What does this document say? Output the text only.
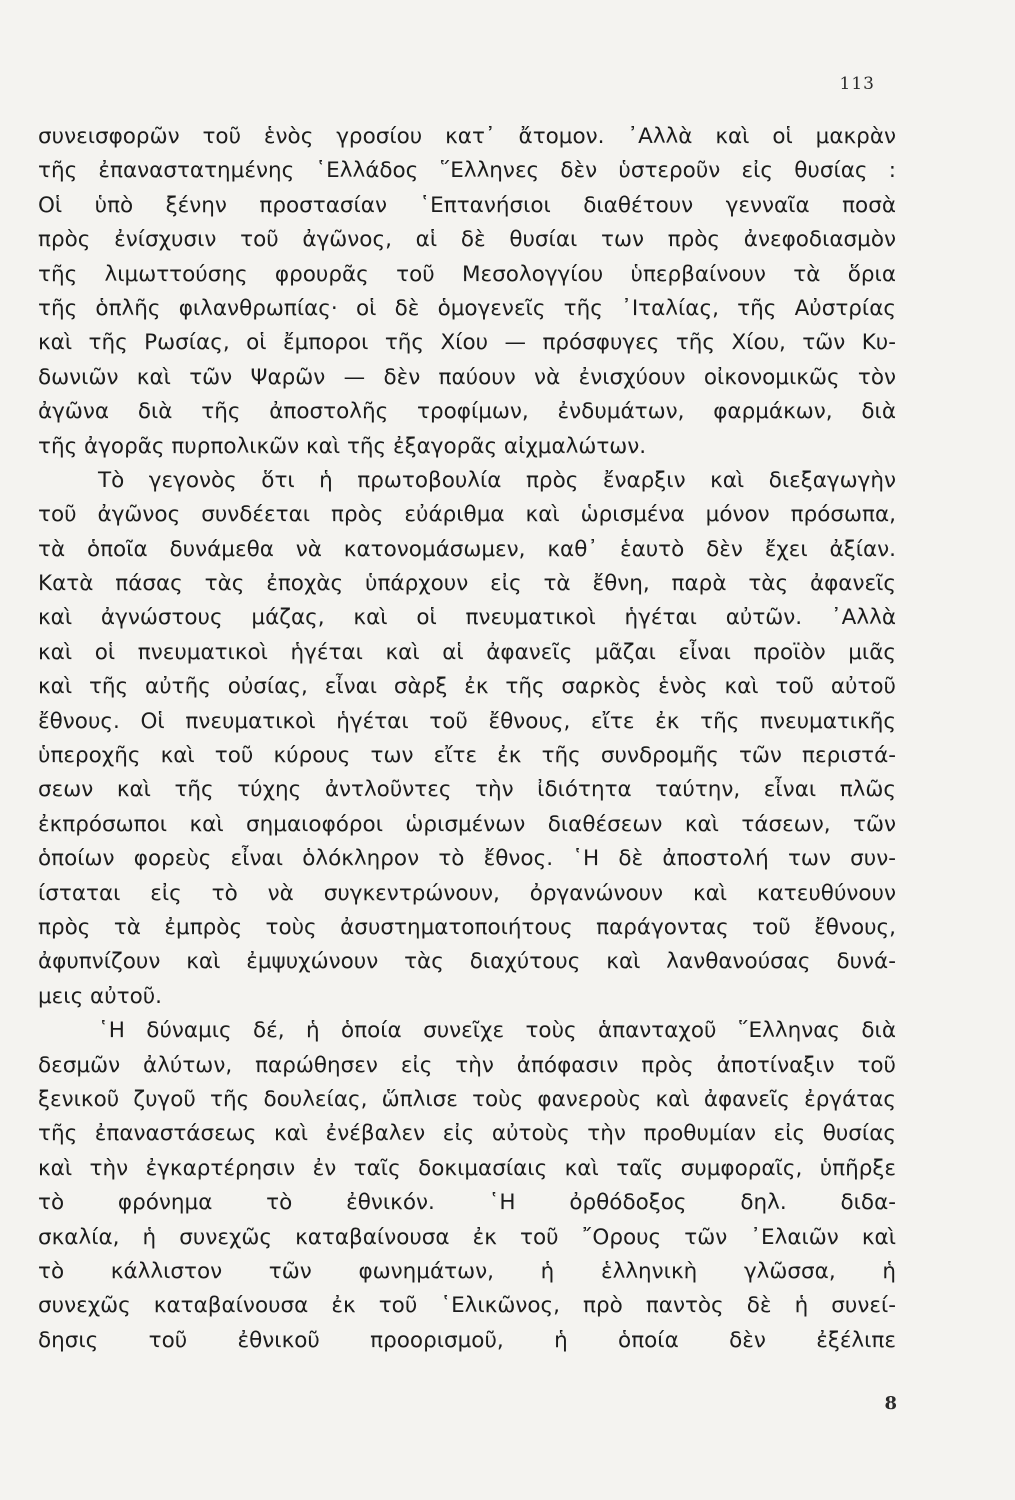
113
συνεισφορῶν τοῦ ἑνὸς γροσίου κατ᾿ ἄτομον. ᾿Αλλὰ καὶ οἱ μακρὰν
τῆς ἐπαναστατημένης ῾Ελλάδος ῞Ελληνες δὲν ὑστεροῦν εἰς θυσίας :
Οἱ ὑπὸ ξένην προστασίαν ῾Επτανήσιοι διαθέτουν γενναῖα ποσὰ
πρὸς ἐνίσχυσιν τοῦ ἀγῶνος, αἱ δὲ θυσίαι των πρὸς ἀνεφοδιασμὸν
τῆς λιμωττούσης φρουρᾶς τοῦ Μεσολογγίου ὑπερβαίνουν τὰ ὅρια
τῆς ὁπλῆς φιλανθρωπίας· οἱ δὲ ὁμογενεῖς τῆς ᾿Ιταλίας, τῆς Αὐστρίας
καὶ τῆς Ρωσίας, οἱ ἔμποροι τῆς Χίου — πρόσφυγες τῆς Χίου, τῶν Κυ-
δωνιῶν καὶ τῶν Ψαρῶν — δὲν παύουν νὰ ἐνισχύουν οἰκονομικῶς τὸν
ἀγῶνα διὰ τῆς ἀποστολῆς τροφίμων, ἐνδυμάτων, φαρμάκων, διὰ
τῆς ἀγορᾶς πυρπολικῶν καὶ τῆς ἐξαγορᾶς αἰχμαλώτων.
Τὸ γεγονὸς ὅτι ἡ πρωτοβουλία πρὸς ἔναρξιν καὶ διεξαγωγὴν
τοῦ ἀγῶνος συνδέεται πρὸς εὐάριθμα καὶ ὡρισμένα μόνον πρόσωπα,
τὰ ὁποῖα δυνάμεθα νὰ κατονομάσωμεν, καθ᾿ ἑαυτὸ δὲν ἔχει ἀξίαν.
Κατὰ πάσας τὰς ἐποχὰς ὑπάρχουν εἰς τὰ ἔθνη, παρὰ τὰς ἀφανεῖς
καὶ ἀγνώστους μάζας, καὶ οἱ πνευματικοὶ ἡγέται αὐτῶν. ᾿Αλλὰ
καὶ οἱ πνευματικοὶ ἡγέται καὶ αἱ ἀφανεῖς μᾶζαι εἶναι προϊὸν μιᾶς
καὶ τῆς αὐτῆς οὐσίας, εἶναι σὰρξ ἐκ τῆς σαρκὸς ἑνὸς καὶ τοῦ αὐτοῦ
ἔθνους. Οἱ πνευματικοὶ ἡγέται τοῦ ἔθνους, εἴτε ἐκ τῆς πνευματικῆς
ὑπεροχῆς καὶ τοῦ κύρους των εἴτε ἐκ τῆς συνδρομῆς τῶν περιστά-
σεων καὶ τῆς τύχης ἀντλοῦντες τὴν ἰδιότητα ταύτην, εἶναι πλῶς
ἐκπρόσωποι καὶ σημαιοφόροι ὡρισμένων διαθέσεων καὶ τάσεων, τῶν
ὁποίων φορεὺς εἶναι ὁλόκληρον τὸ ἔθνος. ῾Η δὲ ἀποστολή των συν-
ίσταται εἰς τὸ νὰ συγκεντρώνουν, ὀργανώνουν καὶ κατευθύνουν
πρὸς τὰ ἐμπρὸς τοὺς ἀσυστηματοποιήτους παράγοντας τοῦ ἔθνους,
ἀφυπνίζουν καὶ ἐμψυχώνουν τὰς διαχύτους καὶ λανθανούσας δυνά-
μεις αὐτοῦ.
῾Η δύναμις δέ, ἡ ὁποία συνεῖχε τοὺς ἁπανταχοῦ ῞Ελληνας διὰ
δεσμῶν ἀλύτων, παρώθησεν εἰς τὴν ἀπόφασιν πρὸς ἀποτίναξιν τοῦ
ξενικοῦ ζυγοῦ τῆς δουλείας, ὥπλισε τοὺς φανεροὺς καὶ ἀφανεῖς ἐργάτας
τῆς ἐπαναστάσεως καὶ ἐνέβαλεν εἰς αὐτοὺς τὴν προθυμίαν εἰς θυσίας
καὶ τὴν ἐγκαρτέρησιν ἐν ταῖς δοκιμασίαις καὶ ταῖς συμφοραῖς, ὑπῆρξε
τὸ φρόνημα τὸ ἐθνικόν. ῾Η ὀρθόδοξος δηλ. διδα-
σκαλία, ἡ συνεχῶς καταβαίνουσα ἐκ τοῦ ῎Ορους τῶν ᾿Ελαιῶν καὶ
τὸ κάλλιστον τῶν φωνημάτων, ἡ ἑλληνικὴ γλῶσσα, ἡ
συνεχῶς καταβαίνουσα ἐκ τοῦ ῾Ελικῶνος, πρὸ παντὸς δὲ ἡ συνεί-
δησις τοῦ ἐθνικοῦ προορισμοῦ, ἡ ὁποία δὲν ἐξέλιπε
8
